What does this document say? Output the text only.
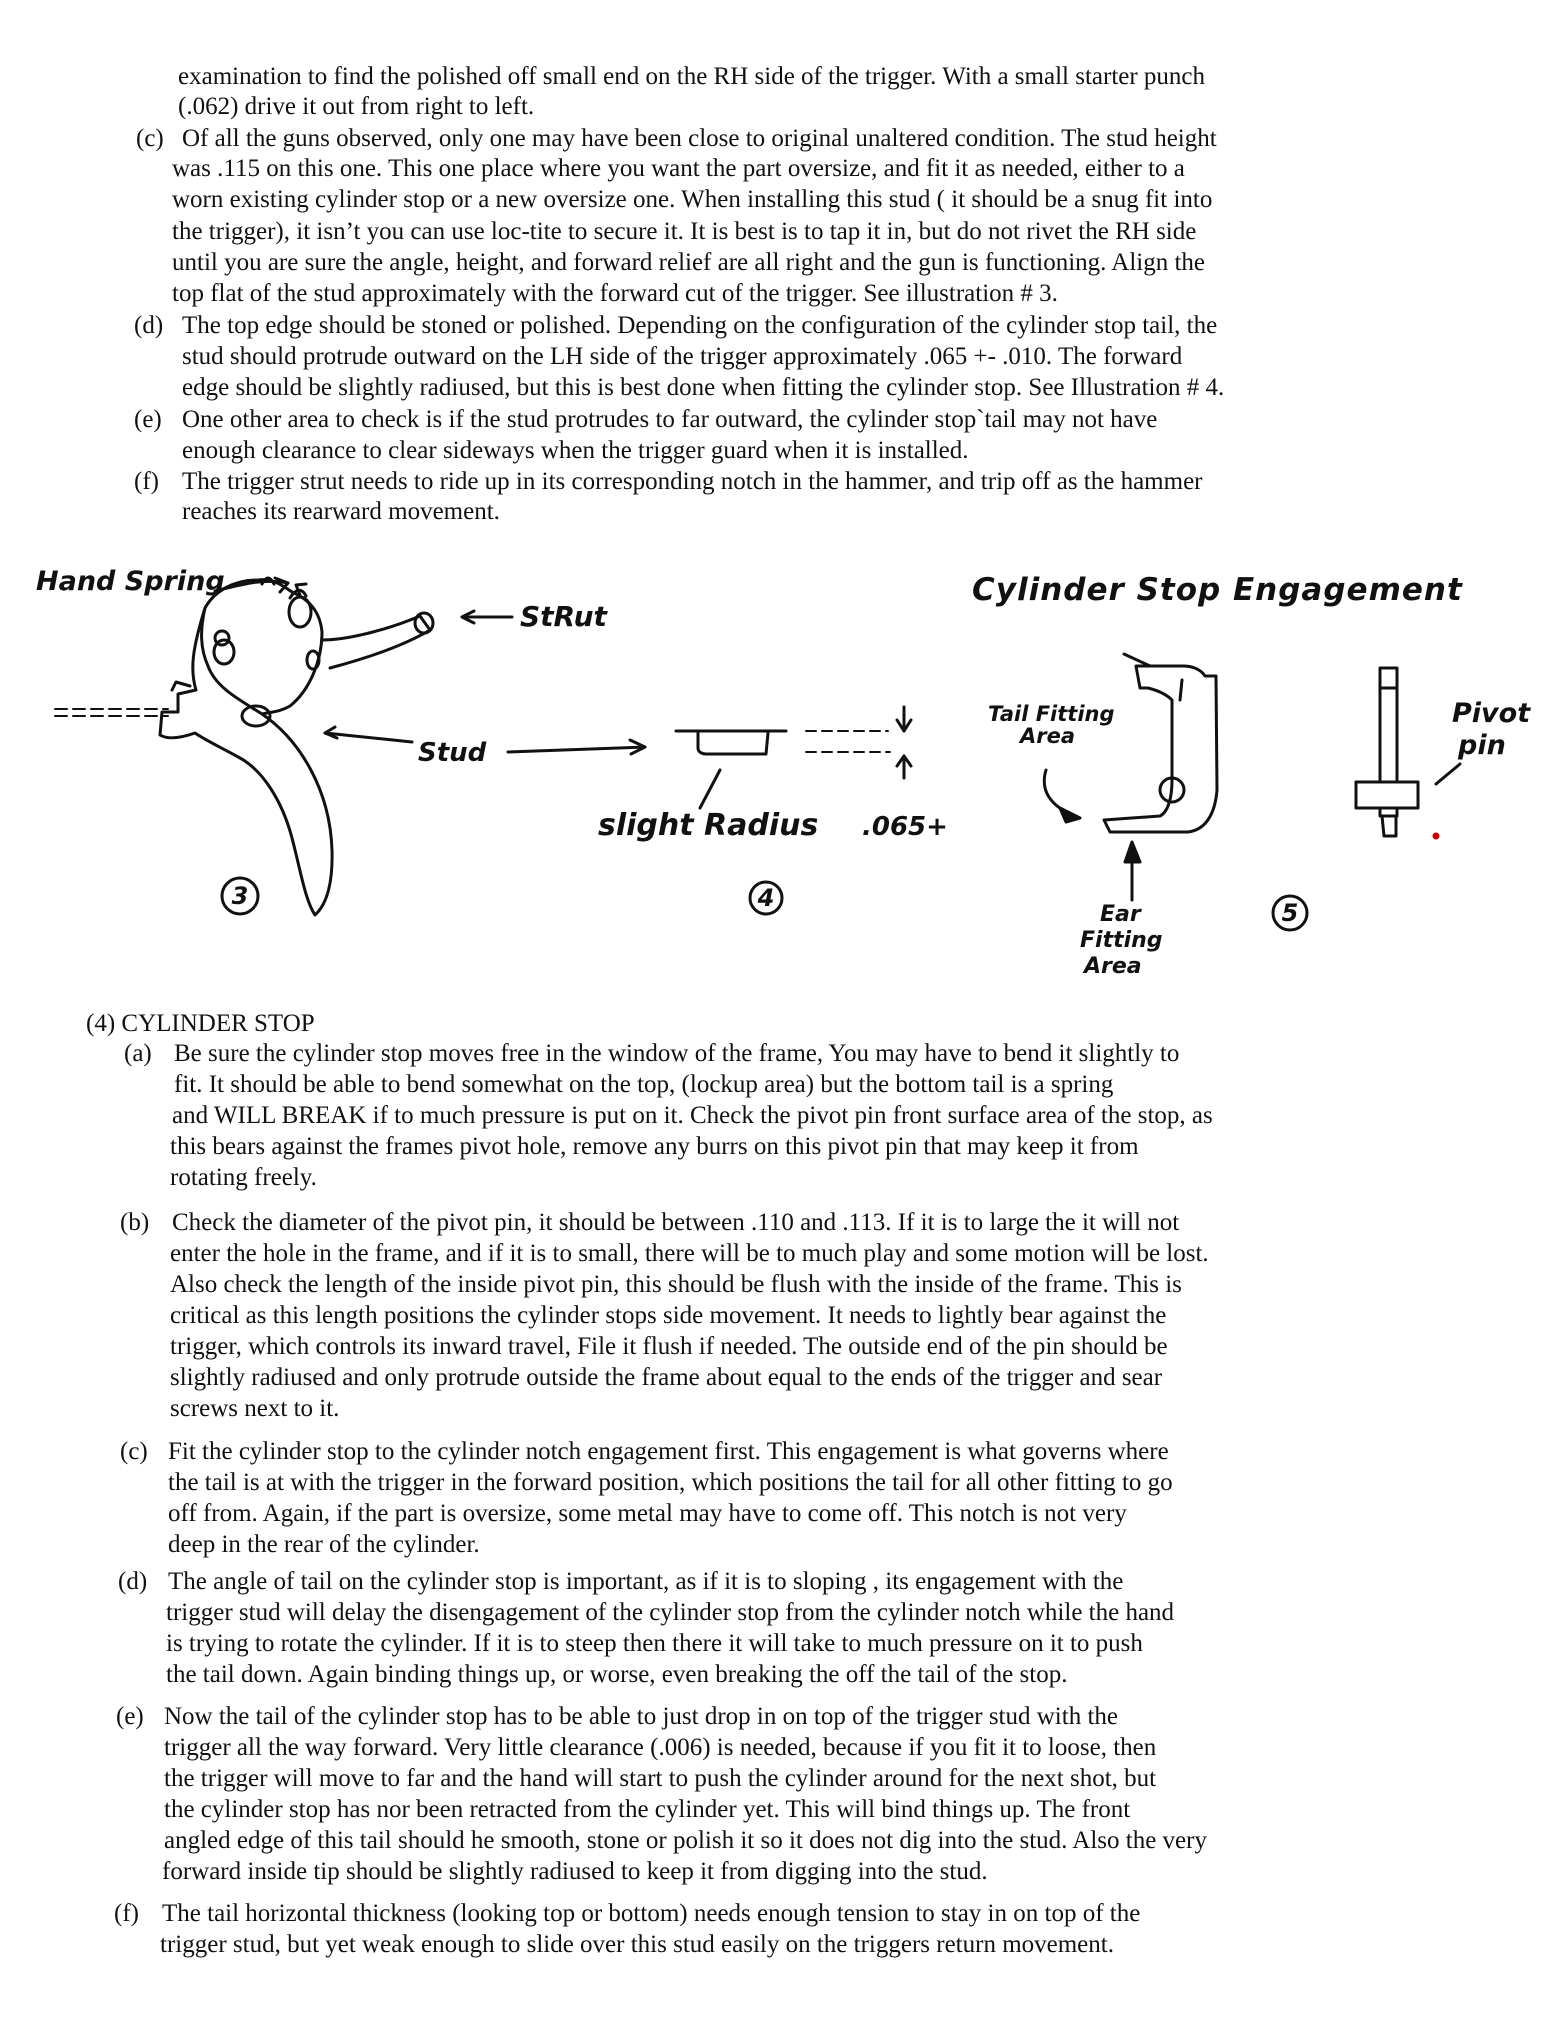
examination to find the polished off small end on the RH side of the trigger. With a small starter punch
(.062) drive it out from right to left.
(c) Of all the guns observed, only one may have been close to original unaltered condition. The stud height
was .115 on this one. This one place where you want the part oversize, and fit it as needed, either to a
worn existing cylinder stop or a new oversize one. When installing this stud ( it should be a snug fit into
the trigger), it isn’t you can use loc-tite to secure it. It is best is to tap it in, but do not rivet the RH side
until you are sure the angle, height, and forward relief are all right and the gun is functioning. Align the
top flat of the stud approximately with the forward cut of the trigger. See illustration # 3.
(d) The top edge should be stoned or polished. Depending on the configuration of the cylinder stop tail, the
stud should protrude outward on the LH side of the trigger approximately .065 +- .010. The forward
edge should be slightly radiused, but this is best done when fitting the cylinder stop. See Illustration # 4.
(e) One other area to check is if the stud protrudes to far outward, the cylinder stopˋtail may not have
enough clearance to clear sideways when the trigger guard when it is installed.
(f) The trigger strut needs to ride up in its corresponding notch in the hammer, and trip off as the hammer
reaches its rearward movement.
Hand Spring
StRut
Stud
3
slight Radius .065+
4
Cylinder Stop Engagement
Tail Fitting
Area
Ear
Fitting
Area
5
Pivot
pin
(4) CYLINDER STOP
(a) Be sure the cylinder stop moves free in the window of the frame, You may have to bend it slightly to
fit. It should be able to bend somewhat on the top, (lockup area) but the bottom tail is a spring
and WILL BREAK if to much pressure is put on it. Check the pivot pin front surface area of the stop, as
this bears against the frames pivot hole, remove any burrs on this pivot pin that may keep it from
rotating freely.
(b) Check the diameter of the pivot pin, it should be between .110 and .113. If it is to large the it will not
enter the hole in the frame, and if it is to small, there will be to much play and some motion will be lost.
Also check the length of the inside pivot pin, this should be flush with the inside of the frame. This is
critical as this length positions the cylinder stops side movement. It needs to lightly bear against the
trigger, which controls its inward travel, File it flush if needed. The outside end of the pin should be
slightly radiused and only protrude outside the frame about equal to the ends of the trigger and sear
screws next to it.
(c) Fit the cylinder stop to the cylinder notch engagement first. This engagement is what governs where
the tail is at with the trigger in the forward position, which positions the tail for all other fitting to go
off from. Again, if the part is oversize, some metal may have to come off. This notch is not very
deep in the rear of the cylinder.
(d) The angle of tail on the cylinder stop is important, as if it is to sloping , its engagement with the
trigger stud will delay the disengagement of the cylinder stop from the cylinder notch while the hand
is trying to rotate the cylinder. If it is to steep then there it will take to much pressure on it to push
the tail down. Again binding things up, or worse, even breaking the off the tail of the stop.
(e) Now the tail of the cylinder stop has to be able to just drop in on top of the trigger stud with the
trigger all the way forward. Very little clearance (.006) is needed, because if you fit it to loose, then
the trigger will move to far and the hand will start to push the cylinder around for the next shot, but
the cylinder stop has nor been retracted from the cylinder yet. This will bind things up. The front
angled edge of this tail should he smooth, stone or polish it so it does not dig into the stud. Also the very
forward inside tip should be slightly radiused to keep it from digging into the stud.
(f) The tail horizontal thickness (looking top or bottom) needs enough tension to stay in on top of the
trigger stud, but yet weak enough to slide over this stud easily on the triggers return movement.
